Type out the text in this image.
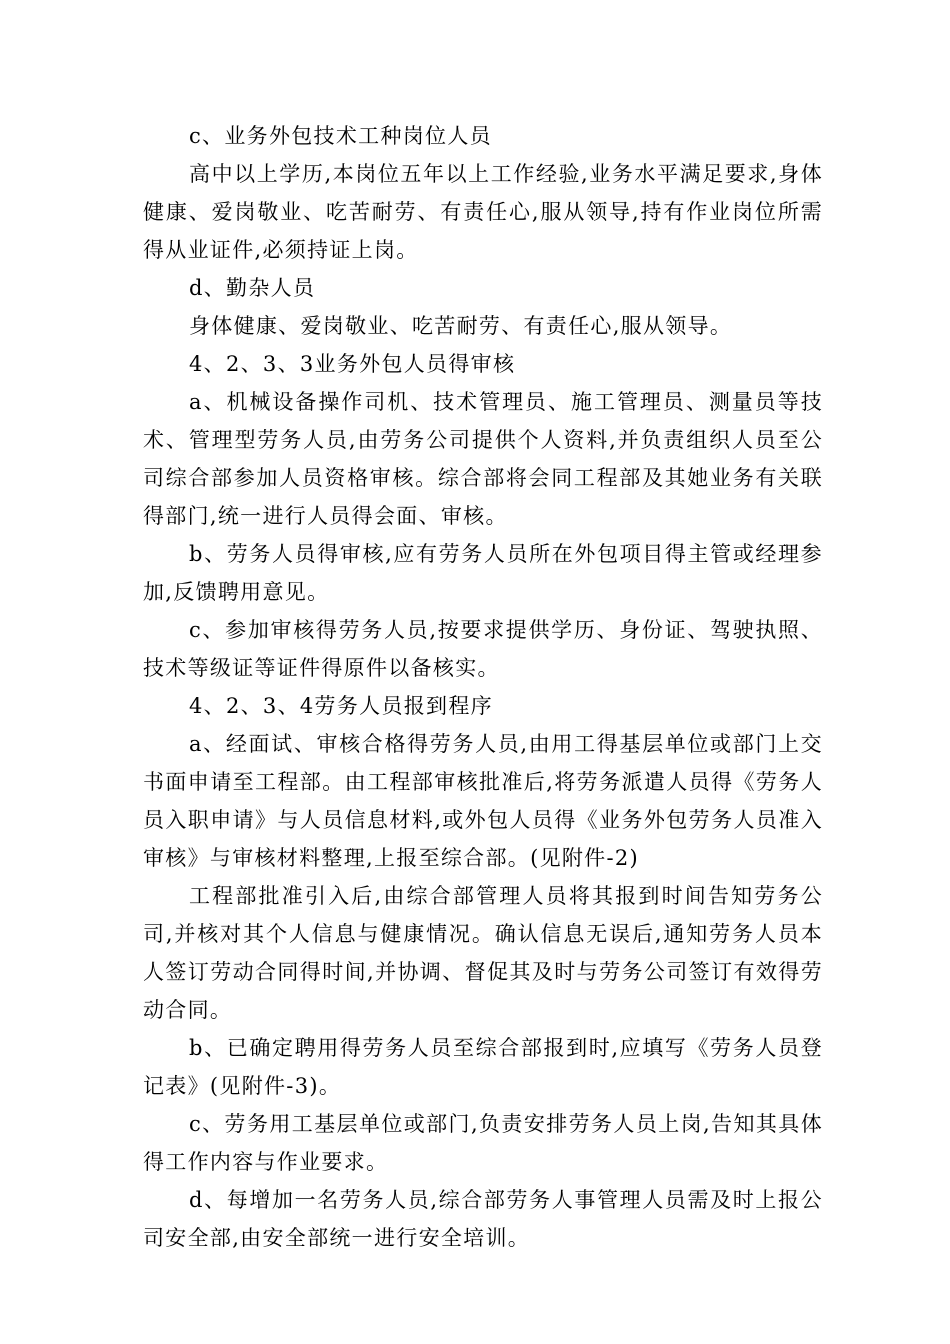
c、业务外包技术工种岗位人员

高中以上学历,本岗位五年以上工作经验,业务水平满足要求,身体健康、爱岗敬业、吃苦耐劳、有责任心,服从领导,持有作业岗位所需得从业证件,必须持证上岗。

d、勤杂人员

身体健康、爱岗敬业、吃苦耐劳、有责任心,服从领导。

4、2、3、3业务外包人员得审核

a、机械设备操作司机、技术管理员、施工管理员、测量员等技术、管理型劳务人员,由劳务公司提供个人资料,并负责组织人员至公司综合部参加人员资格审核。综合部将会同工程部及其她业务有关联得部门,统一进行人员得会面、审核。

b、劳务人员得审核,应有劳务人员所在外包项目得主管或经理参加,反馈聘用意见。

c、参加审核得劳务人员,按要求提供学历、身份证、驾驶执照、技术等级证等证件得原件以备核实。

4、2、3、4劳务人员报到程序

a、经面试、审核合格得劳务人员,由用工得基层单位或部门上交书面申请至工程部。由工程部审核批准后,将劳务派遣人员得《劳务人员入职申请》与人员信息材料,或外包人员得《业务外包劳务人员准入审核》与审核材料整理,上报至综合部。(见附件-2)

工程部批准引入后,由综合部管理人员将其报到时间告知劳务公司,并核对其个人信息与健康情况。确认信息无误后,通知劳务人员本人签订劳动合同得时间,并协调、督促其及时与劳务公司签订有效得劳动合同。

b、已确定聘用得劳务人员至综合部报到时,应填写《劳务人员登记表》(见附件-3)。

c、劳务用工基层单位或部门,负责安排劳务人员上岗,告知其具体得工作内容与作业要求。

d、每增加一名劳务人员,综合部劳务人事管理人员需及时上报公司安全部,由安全部统一进行安全培训。
